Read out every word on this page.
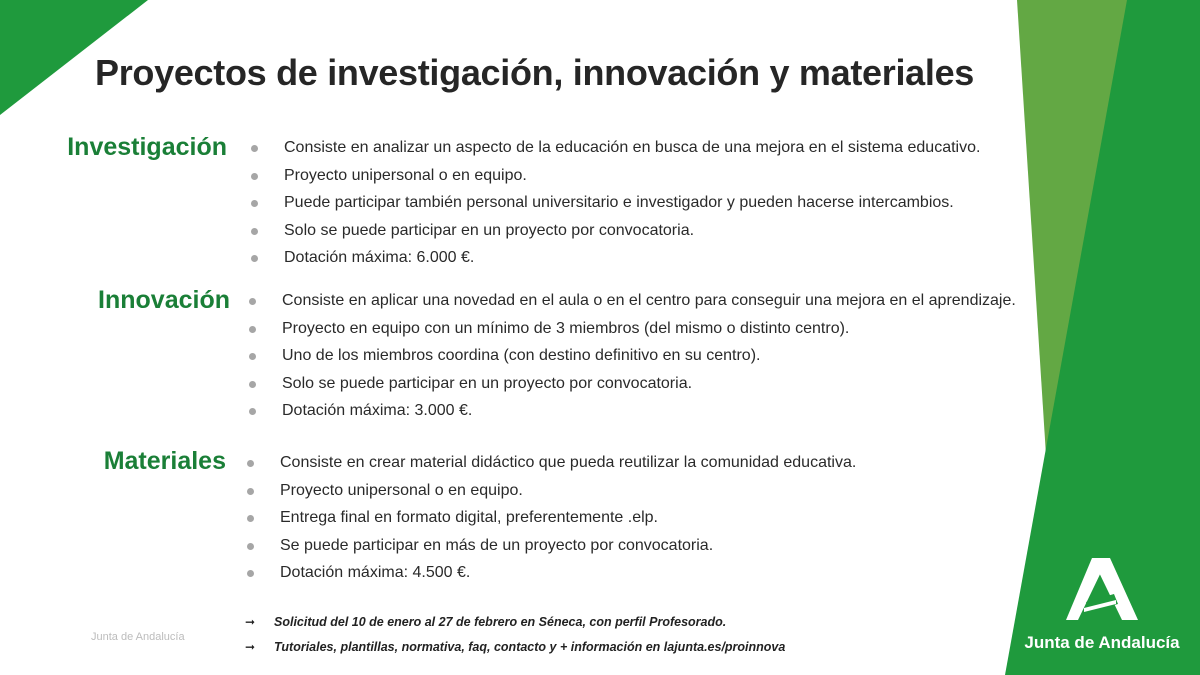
Proyectos de investigación, innovación y materiales
Investigación	Consiste en analizar un aspecto de la educación en busca de una mejora en el sistema educativo.
Proyecto unipersonal o en equipo.
Puede participar también personal universitario e investigador y pueden hacerse intercambios.
Solo se puede participar en un proyecto por convocatoria.
Dotación máxima: 6.000 €.
Innovación	Consiste en aplicar una novedad en el aula o en el centro para conseguir una mejora en el aprendizaje.
Proyecto en equipo con un mínimo de 3 miembros (del mismo o distinto centro).
Uno de los miembros coordina (con destino definitivo en su centro).
Solo se puede participar en un proyecto por convocatoria.
Dotación máxima: 3.000 €.
Materiales	Consiste en crear material didáctico que pueda reutilizar la comunidad educativa.
Proyecto unipersonal o en equipo.
Entrega final en formato digital, preferentemente .elp.
Se puede participar en más de un proyecto por convocatoria.
Dotación máxima: 4.500 €.
➞ Solicitud del 10 de enero al 27 de febrero en Séneca, con perfil Profesorado.
➞ Tutoriales, plantillas, normativa, faq, contacto y + información en lajunta.es/proinnova
Junta de Andalucía	Junta de Andalucía
